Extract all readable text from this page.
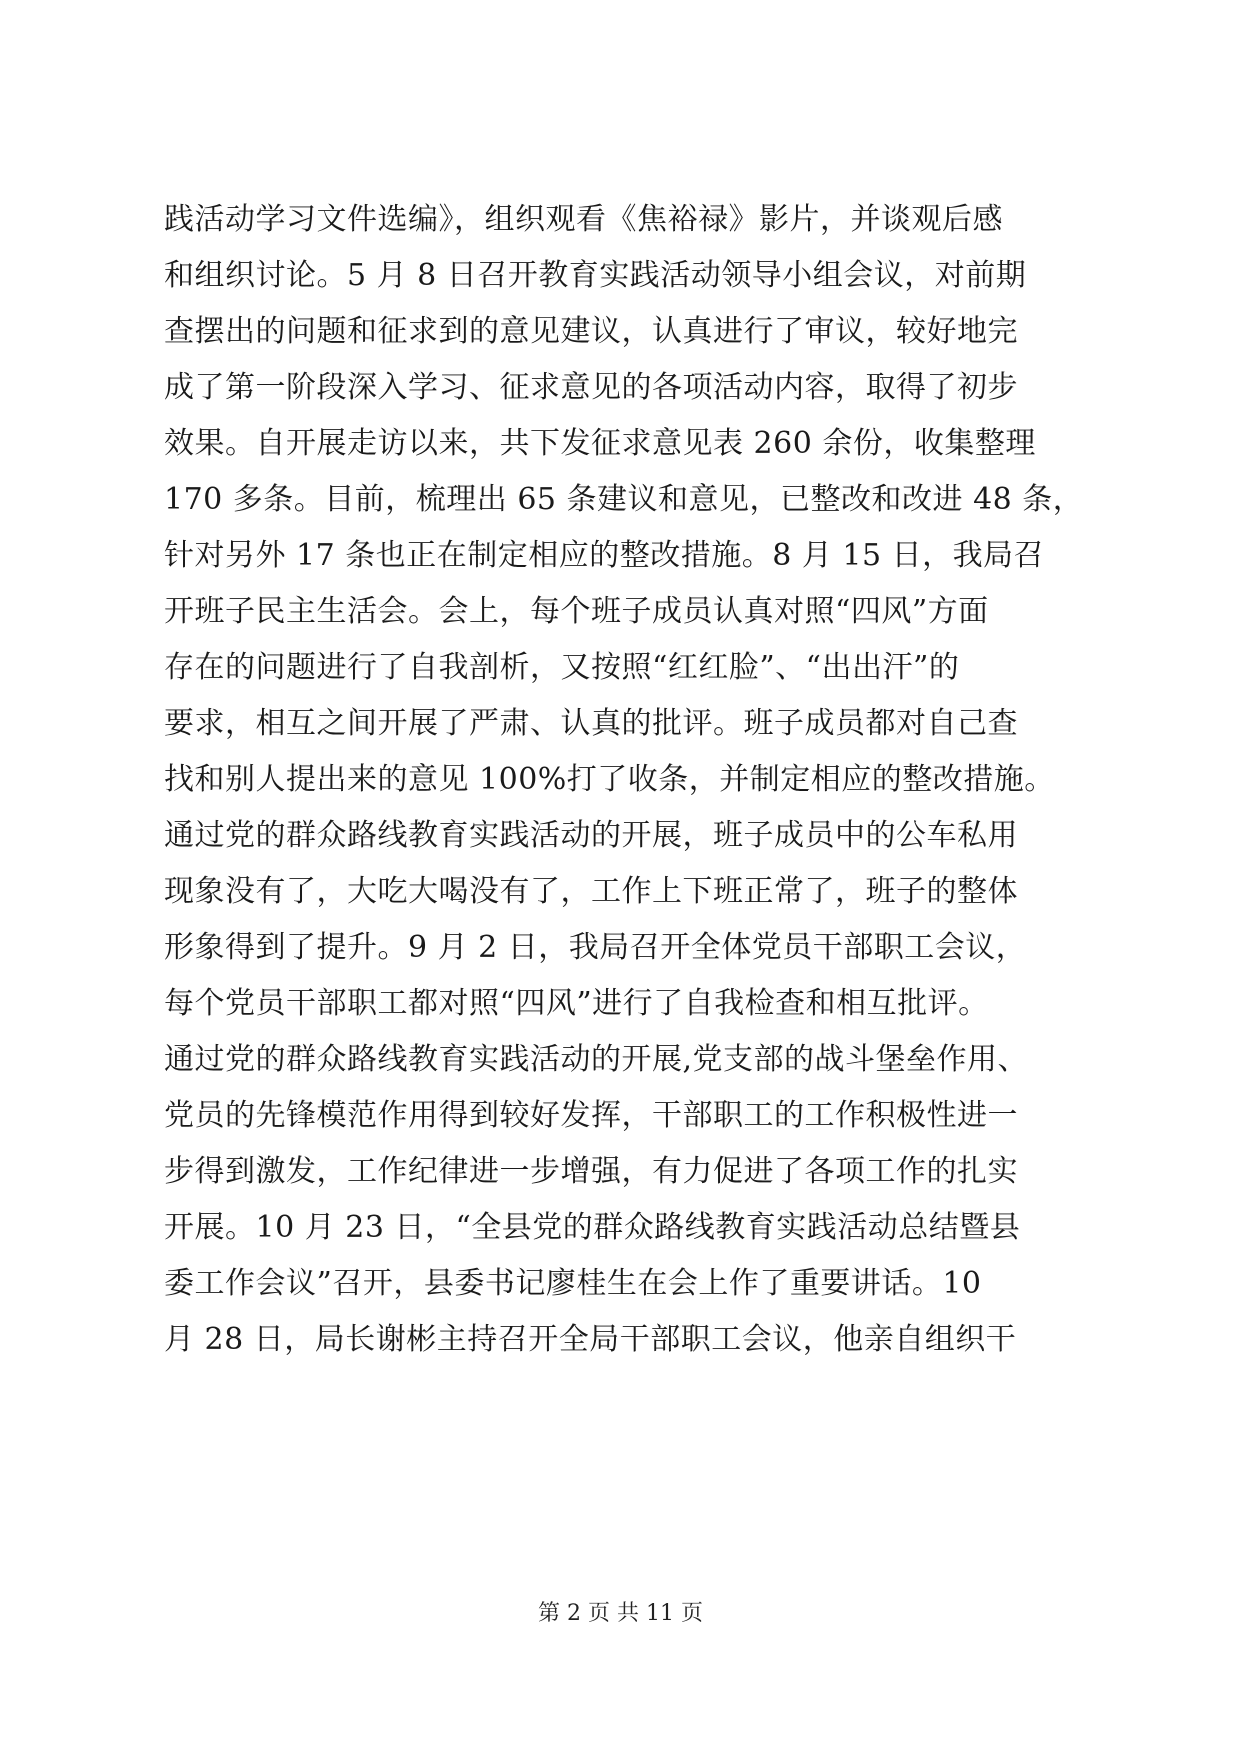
践活动学习文件选编》，组织观看《焦裕禄》影片，并谈观后感
和组织讨论。5 月 8 日召开教育实践活动领导小组会议，对前期
查摆出的问题和征求到的意见建议，认真进行了审议，较好地完
成了第一阶段深入学习、征求意见的各项活动内容，取得了初步
效果。自开展走访以来，共下发征求意见表 260 余份，收集整理
170 多条。目前，梳理出 65 条建议和意见，已整改和改进 48 条，
针对另外 17 条也正在制定相应的整改措施。8 月 15 日，我局召
开班子民主生活会。会上，每个班子成员认真对照“四风”方面
存在的问题进行了自我剖析，又按照“红红脸”、“出出汗”的
要求，相互之间开展了严肃、认真的批评。班子成员都对自己查
找和别人提出来的意见 100%打了收条，并制定相应的整改措施。
通过党的群众路线教育实践活动的开展，班子成员中的公车私用
现象没有了，大吃大喝没有了，工作上下班正常了，班子的整体
形象得到了提升。9 月 2 日，我局召开全体党员干部职工会议，
每个党员干部职工都对照“四风”进行了自我检查和相互批评。
通过党的群众路线教育实践活动的开展,党支部的战斗堡垒作用、
党员的先锋模范作用得到较好发挥，干部职工的工作积极性进一
步得到激发，工作纪律进一步增强，有力促进了各项工作的扎实
开展。10 月 23 日，“全县党的群众路线教育实践活动总结暨县
委工作会议”召开，县委书记廖桂生在会上作了重要讲话。10
月 28 日，局长谢彬主持召开全局干部职工会议，他亲自组织干
第 2 页 共 11 页
